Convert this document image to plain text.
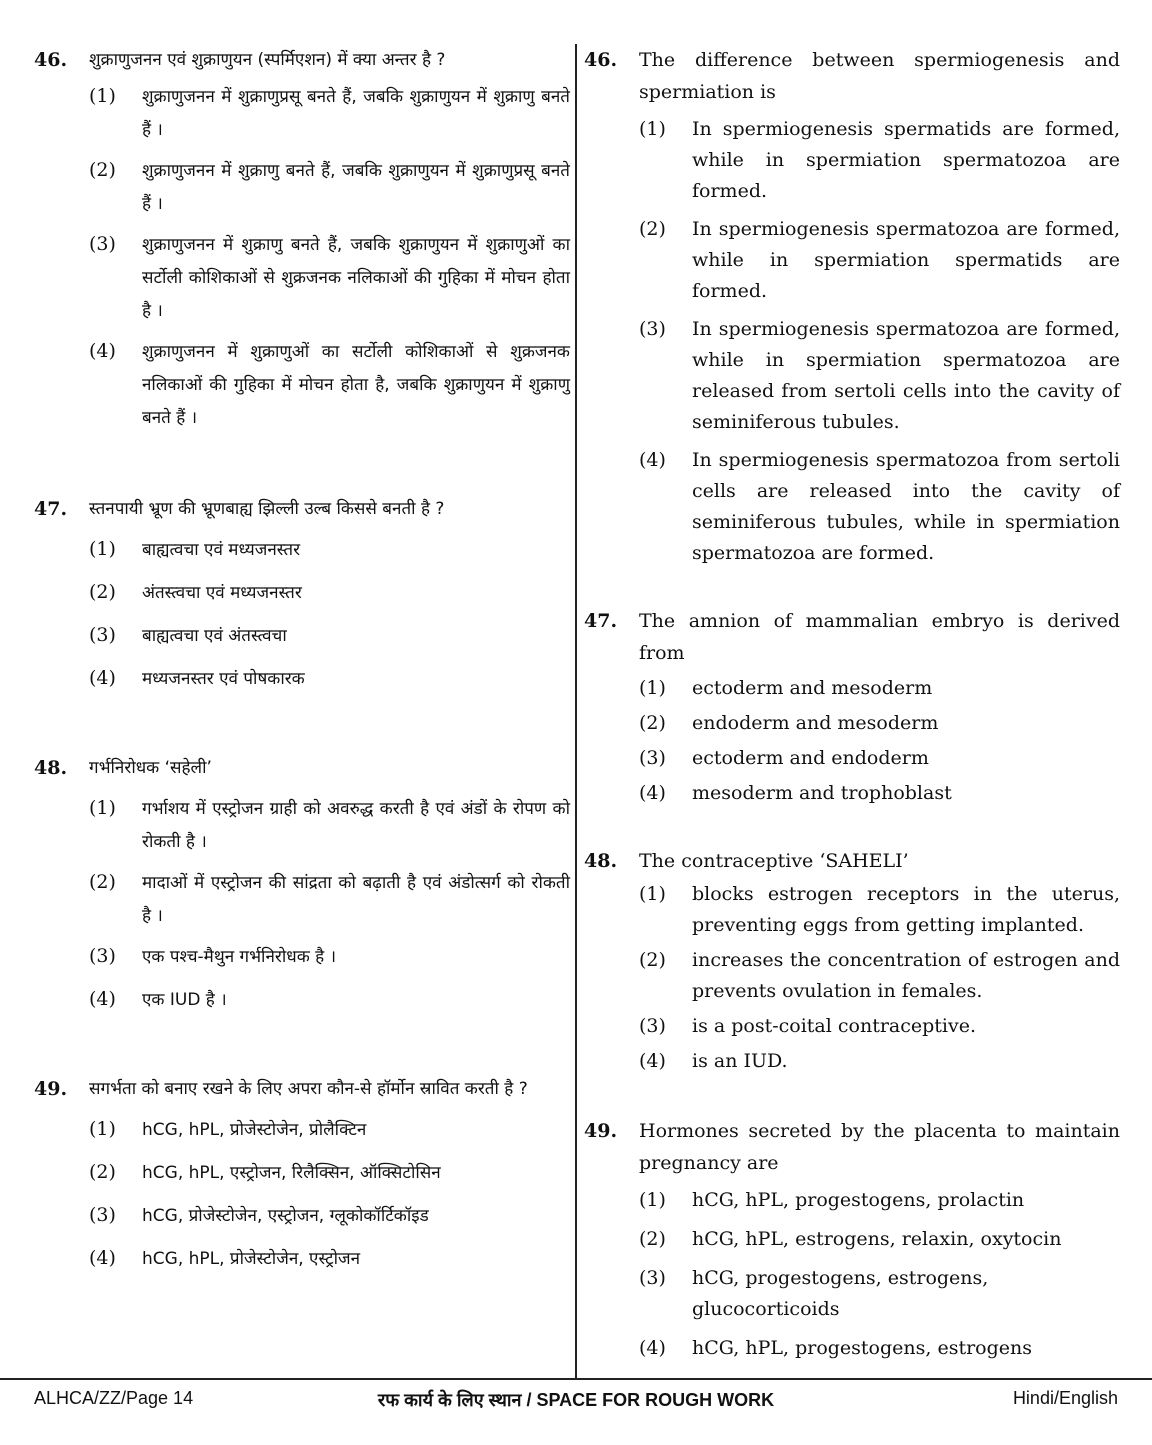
46. शुक्राणुजनन एवं शुक्राणुयन (स्पर्मिएशन) में क्या अन्तर है ?
(1) शुक्राणुजनन में शुक्राणुप्रसू बनते हैं, जबकि शुक्राणुयन में शुक्राणु बनते हैं ।
(2) शुक्राणुजनन में शुक्राणु बनते हैं, जबकि शुक्राणुयन में शुक्राणुप्रसू बनते हैं ।
(3) शुक्राणुजनन में शुक्राणु बनते हैं, जबकि शुक्राणुयन में शुक्राणुओं का सर्टोली कोशिकाओं से शुक्रजनक नलिकाओं की गुहिका में मोचन होता है ।
(4) शुक्राणुजनन में शुक्राणुओं का सर्टोली कोशिकाओं से शुक्रजनक नलिकाओं की गुहिका में मोचन होता है, जबकि शुक्राणुयन में शुक्राणु बनते हैं ।
47. स्तनपायी भ्रूण की भ्रूणबाह्य झिल्ली उल्ब किससे बनती है ?
(1) बाह्यत्वचा एवं मध्यजनस्तर
(2) अंतस्त्वचा एवं मध्यजनस्तर
(3) बाह्यत्वचा एवं अंतस्त्वचा
(4) मध्यजनस्तर एवं पोषकारक
48. गर्भनिरोधक ‘सहेली’
(1) गर्भाशय में एस्ट्रोजन ग्राही को अवरुद्ध करती है एवं अंडों के रोपण को रोकती है ।
(2) मादाओं में एस्ट्रोजन की सांद्रता को बढ़ाती है एवं अंडोत्सर्ग को रोकती है ।
(3) एक पश्च-मैथुन गर्भनिरोधक है ।
(4) एक IUD है ।
49. सगर्भता को बनाए रखने के लिए अपरा कौन-से हॉर्मोन स्रावित करती है ?
(1) hCG, hPL, प्रोजेस्टोजेन, प्रोलैक्टिन
(2) hCG, hPL, एस्ट्रोजन, रिलैक्सिन, ऑक्सिटोसिन
(3) hCG, प्रोजेस्टोजेन, एस्ट्रोजन, ग्लूकोकॉर्टिकॉइड
(4) hCG, hPL, प्रोजेस्टोजेन, एस्ट्रोजन
46. The difference between spermiogenesis and spermiation is
(1) In spermiogenesis spermatids are formed, while in spermiation spermatozoa are formed.
(2) In spermiogenesis spermatozoa are formed, while in spermiation spermatids are formed.
(3) In spermiogenesis spermatozoa are formed, while in spermiation spermatozoa are released from sertoli cells into the cavity of seminiferous tubules.
(4) In spermiogenesis spermatozoa from sertoli cells are released into the cavity of seminiferous tubules, while in spermiation spermatozoa are formed.
47. The amnion of mammalian embryo is derived from
(1) ectoderm and mesoderm
(2) endoderm and mesoderm
(3) ectoderm and endoderm
(4) mesoderm and trophoblast
48. The contraceptive ‘SAHELI’
(1) blocks estrogen receptors in the uterus, preventing eggs from getting implanted.
(2) increases the concentration of estrogen and prevents ovulation in females.
(3) is a post-coital contraceptive.
(4) is an IUD.
49. Hormones secreted by the placenta to maintain pregnancy are
(1) hCG, hPL, progestogens, prolactin
(2) hCG, hPL, estrogens, relaxin, oxytocin
(3) hCG, progestogens, estrogens, glucocorticoids
(4) hCG, hPL, progestogens, estrogens
ALHCA/ZZ/Page 14	रफ कार्य के लिए स्थान / SPACE FOR ROUGH WORK	Hindi/English
